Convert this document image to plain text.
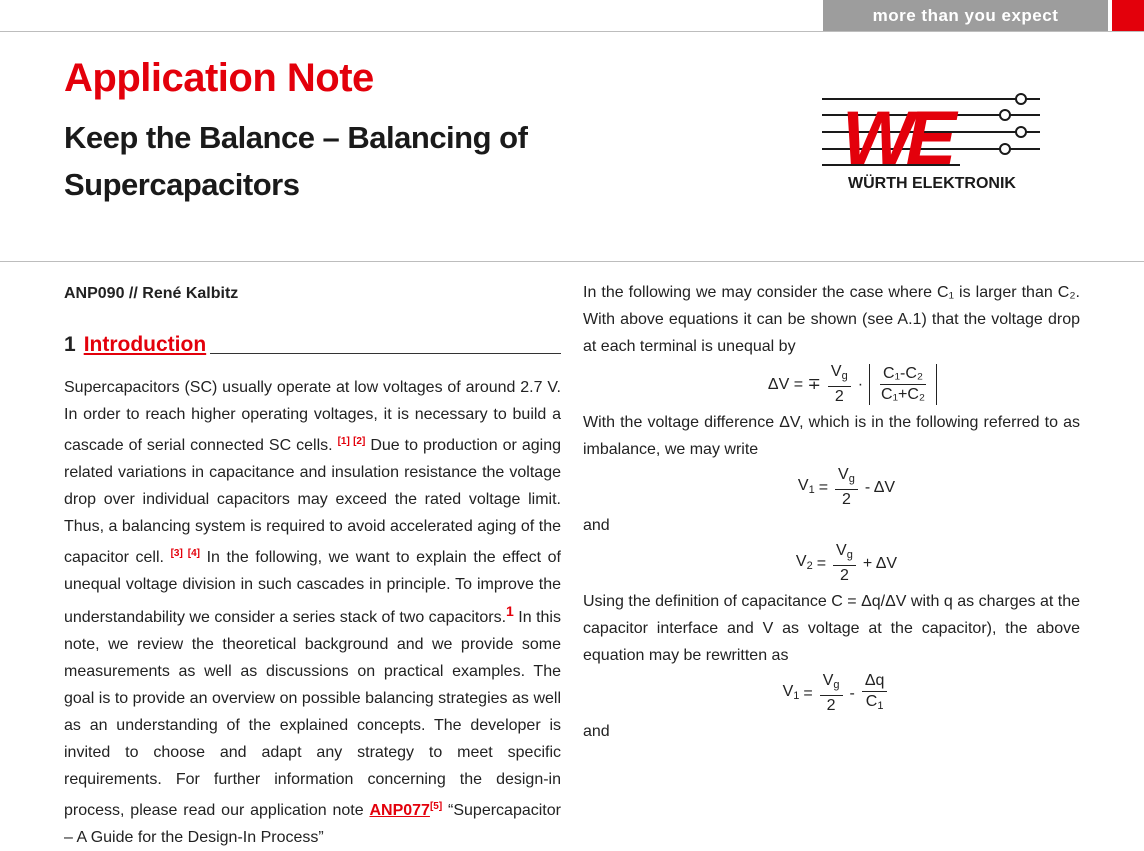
more than you expect
Application Note
Keep the Balance – Balancing of Supercapacitors
WE
WÜRTH ELEKTRONIK
ANP090 // René Kalbitz
1 Introduction

Supercapacitors (SC) usually operate at low voltages of around 2.7 V. In order to reach higher operating voltages, it is necessary to build a cascade of serial connected SC cells. [1] [2] Due to production or aging related variations in capacitance and insulation resistance the voltage drop over individual capacitors may exceed the rated voltage limit. Thus, a balancing system is required to avoid accelerated aging of the capacitor cell. [3] [4] In the following, we want to explain the effect of unequal voltage division in such cascades in principle. To improve the understandability we consider a series stack of two capacitors.1 In this note, we review the theoretical background and we provide some measurements as well as discussions on practical examples. The goal is to provide an overview on possible balancing strategies as well as an understanding of the explained concepts. The developer is invited to choose and adapt any strategy to meet specific requirements. For further information concerning the design-in process, please read our application note ANP077[5] “Supercapacitor – A Guide for the Design-In Process”

In the following we may consider the case where C₁ is larger than C₂. With above equations it can be shown (see A.1) that the voltage drop at each terminal is unequal by

ΔV = ∓ $\frac{V_g}{2} \cdot \frac{\text{C₁-C₂}}{\text{C₁+C₂}}$

With the voltage difference ΔV, which is in the following referred to as imbalance, we may write

$V_1 = \frac{V_g}{2} - \Delta V$
and
$V_2 = \frac{V_g}{2} + \Delta V$

Using the definition of capacitance C = Δq/ΔV with q as charges at the capacitor interface and V as voltage at the capacitor), the above equation may be rewritten as

$V_1 = \frac{V_g}{2} - \frac{\Delta q}{C_1}$
and
